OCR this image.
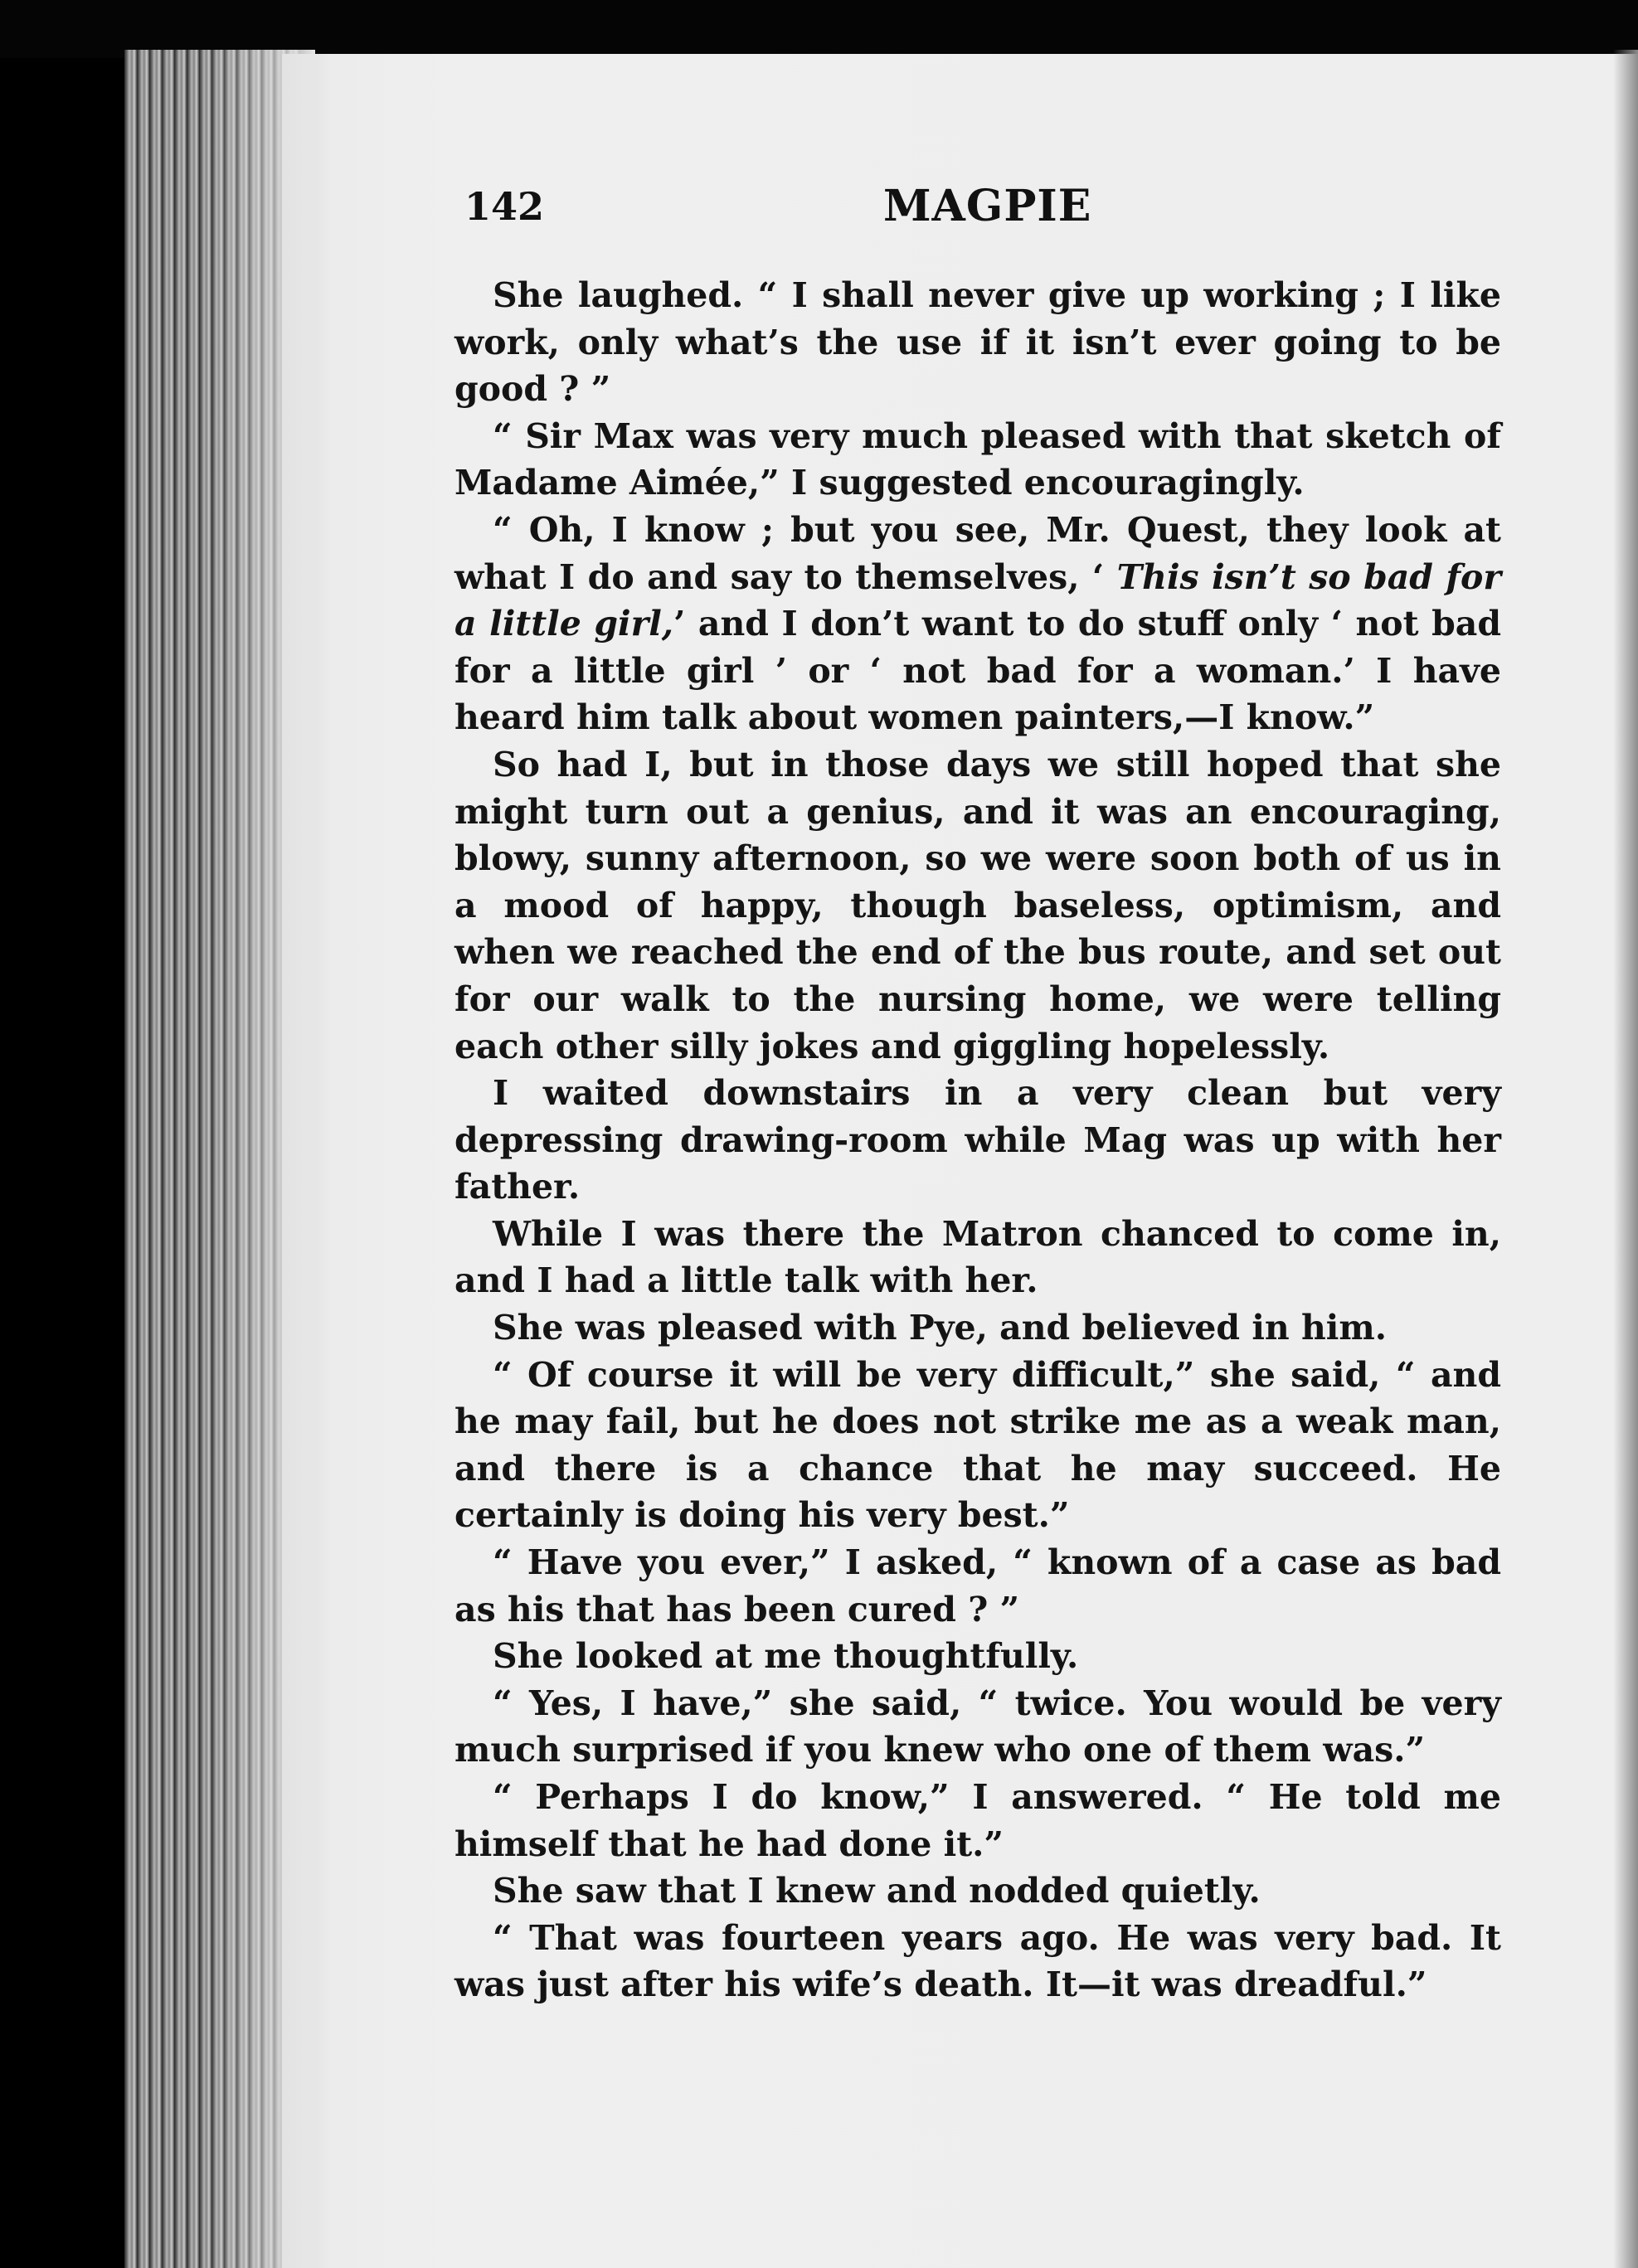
142	MAGPIE

She laughed. “ I shall never give up working ; I like work, only what’s the use if it isn’t ever going to be good ? ”

“ Sir Max was very much pleased with that sketch of Madame Aimée,” I suggested encouragingly.

“ Oh, I know ; but you see, Mr. Quest, they look at what I do and say to themselves, ‘ This isn’t so bad for a little girl,’ and I don’t want to do stuff only ‘ not bad for a little girl ’ or ‘ not bad for a woman.’ I have heard him talk about women painters,—I know.”

So had I, but in those days we still hoped that she might turn out a genius, and it was an encouraging, blowy, sunny afternoon, so we were soon both of us in a mood of happy, though baseless, optimism, and when we reached the end of the bus route, and set out for our walk to the nursing home, we were telling each other silly jokes and giggling hopelessly.

I waited downstairs in a very clean but very depressing drawing-room while Mag was up with her father.

While I was there the Matron chanced to come in, and I had a little talk with her.

She was pleased with Pye, and believed in him.

“ Of course it will be very difficult,” she said, “ and he may fail, but he does not strike me as a weak man, and there is a chance that he may succeed. He certainly is doing his very best.”

“ Have you ever,” I asked, “ known of a case as bad as his that has been cured ? ”

She looked at me thoughtfully.

“ Yes, I have,” she said, “ twice. You would be very much surprised if you knew who one of them was.”

“ Perhaps I do know,” I answered. “ He told me himself that he had done it.”

She saw that I knew and nodded quietly.

“ That was fourteen years ago. He was very bad. It was just after his wife’s death. It—it was dreadful.”
